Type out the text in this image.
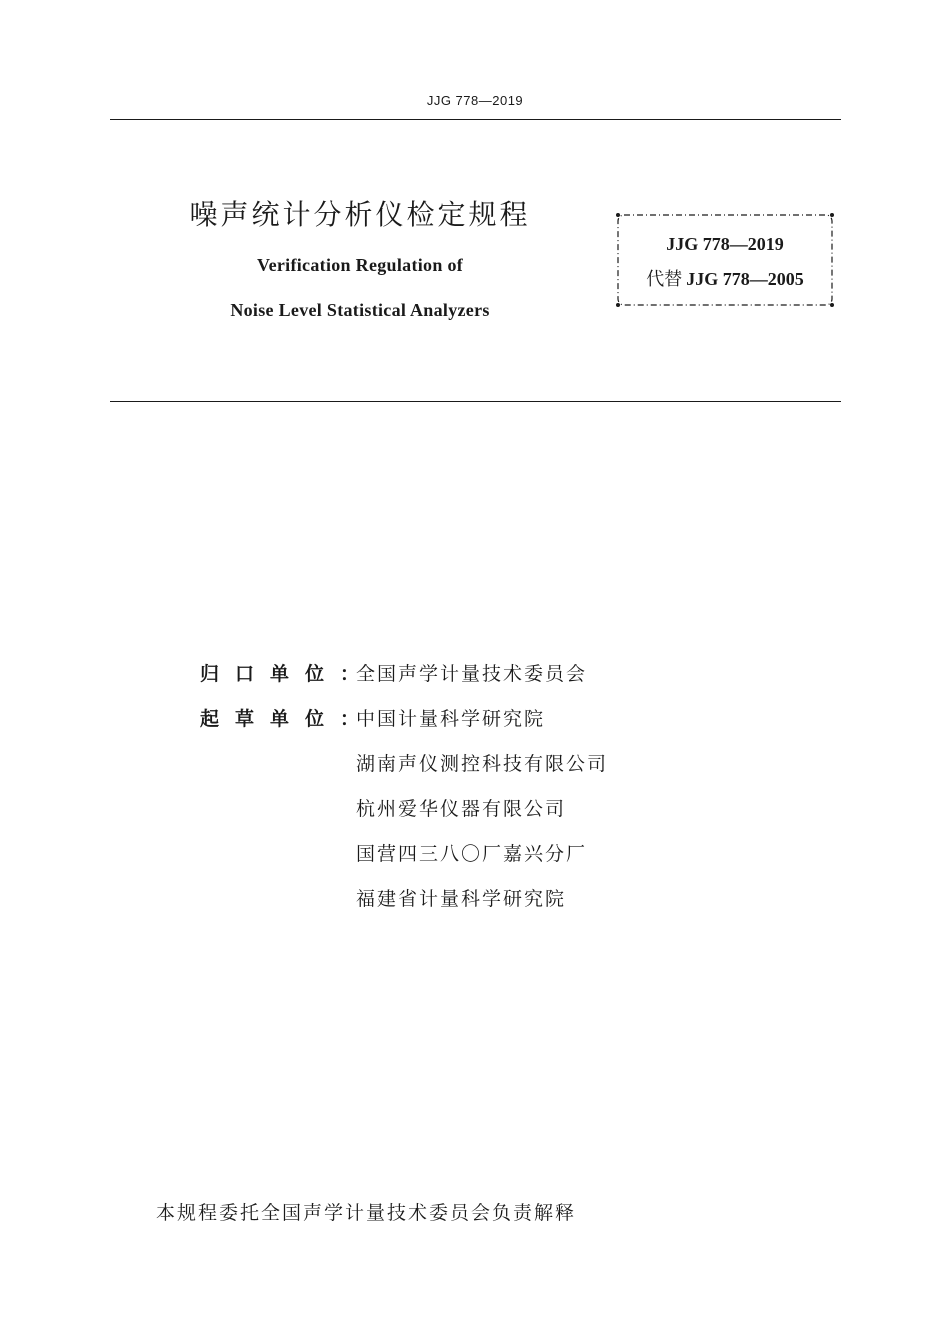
JJG 778—2019
噪声统计分析仪检定规程
Verification Regulation of
Noise Level Statistical Analyzers
JJG 778—2019
代替 JJG 778—2005
归口单位：
全国声学计量技术委员会
起草单位：
中国计量科学研究院
湖南声仪测控科技有限公司
杭州爱华仪器有限公司
国营四三八〇厂嘉兴分厂
福建省计量科学研究院
本规程委托全国声学计量技术委员会负责解释
